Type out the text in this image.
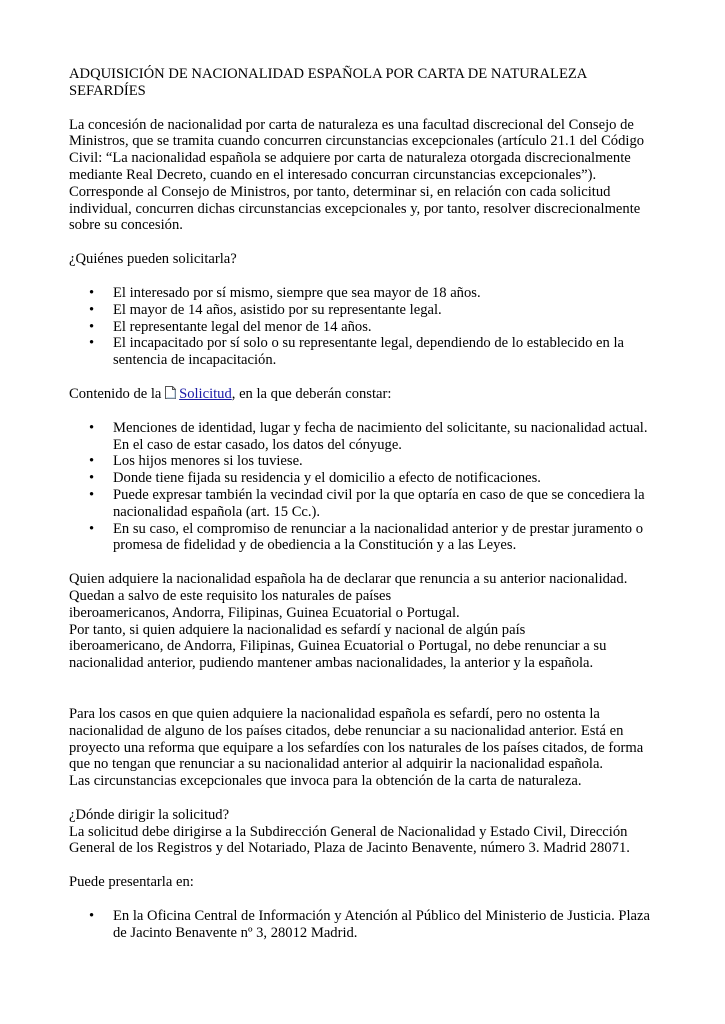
ADQUISICIÓN DE NACIONALIDAD ESPAÑOLA POR CARTA DE NATURALEZA SEFARDÍES

La concesión de nacionalidad por carta de naturaleza es una facultad discrecional del Consejo de
Ministros, que se tramita cuando concurren circunstancias excepcionales (artículo 21.1 del Código
Civil: “La nacionalidad española se adquiere por carta de naturaleza otorgada discrecionalmente
mediante Real Decreto, cuando en el interesado concurran circunstancias excepcionales”).
Corresponde al Consejo de Ministros, por tanto, determinar si, en relación con cada solicitud
individual, concurren dichas circunstancias excepcionales y, por tanto, resolver discrecionalmente
sobre su concesión.

¿Quiénes pueden solicitarla?

• El interesado por sí mismo, siempre que sea mayor de 18 años.
• El mayor de 14 años, asistido por su representante legal.
• El representante legal del menor de 14 años.
• El incapacitado por sí solo o su representante legal, dependiendo de lo establecido en la
sentencia de incapacitación.

Contenido de la Solicitud, en la que deberán constar:

• Menciones de identidad, lugar y fecha de nacimiento del solicitante, su nacionalidad actual.
En el caso de estar casado, los datos del cónyuge.
• Los hijos menores si los tuviese.
• Donde tiene fijada su residencia y el domicilio a efecto de notificaciones.
• Puede expresar también la vecindad civil por la que optaría en caso de que se concediera la
nacionalidad española (art. 15 Cc.).
• En su caso, el compromiso de renunciar a la nacionalidad anterior y de prestar juramento o
promesa de fidelidad y de obediencia a la Constitución y a las Leyes.

Quien adquiere la nacionalidad española ha de declarar que renuncia a su anterior nacionalidad.
Quedan a salvo de este requisito los naturales de países
iberoamericanos, Andorra, Filipinas, Guinea Ecuatorial o Portugal.
Por tanto, si quien adquiere la nacionalidad es sefardí y nacional de algún país
iberoamericano, de Andorra, Filipinas, Guinea Ecuatorial o Portugal, no debe renunciar a su
nacionalidad anterior, pudiendo mantener ambas nacionalidades, la anterior y la española.

Para los casos en que quien adquiere la nacionalidad española es sefardí, pero no ostenta la
nacionalidad de alguno de los países citados, debe renunciar a su nacionalidad anterior. Está en
proyecto una reforma que equipare a los sefardíes con los naturales de los países citados, de forma
que no tengan que renunciar a su nacionalidad anterior al adquirir la nacionalidad española.
Las circunstancias excepcionales que invoca para la obtención de la carta de naturaleza.

¿Dónde dirigir la solicitud?
La solicitud debe dirigirse a la Subdirección General de Nacionalidad y Estado Civil, Dirección
General de los Registros y del Notariado, Plaza de Jacinto Benavente, número 3. Madrid 28071.

Puede presentarla en:

• En la Oficina Central de Información y Atención al Público del Ministerio de Justicia. Plaza
de Jacinto Benavente nº 3, 28012 Madrid.
